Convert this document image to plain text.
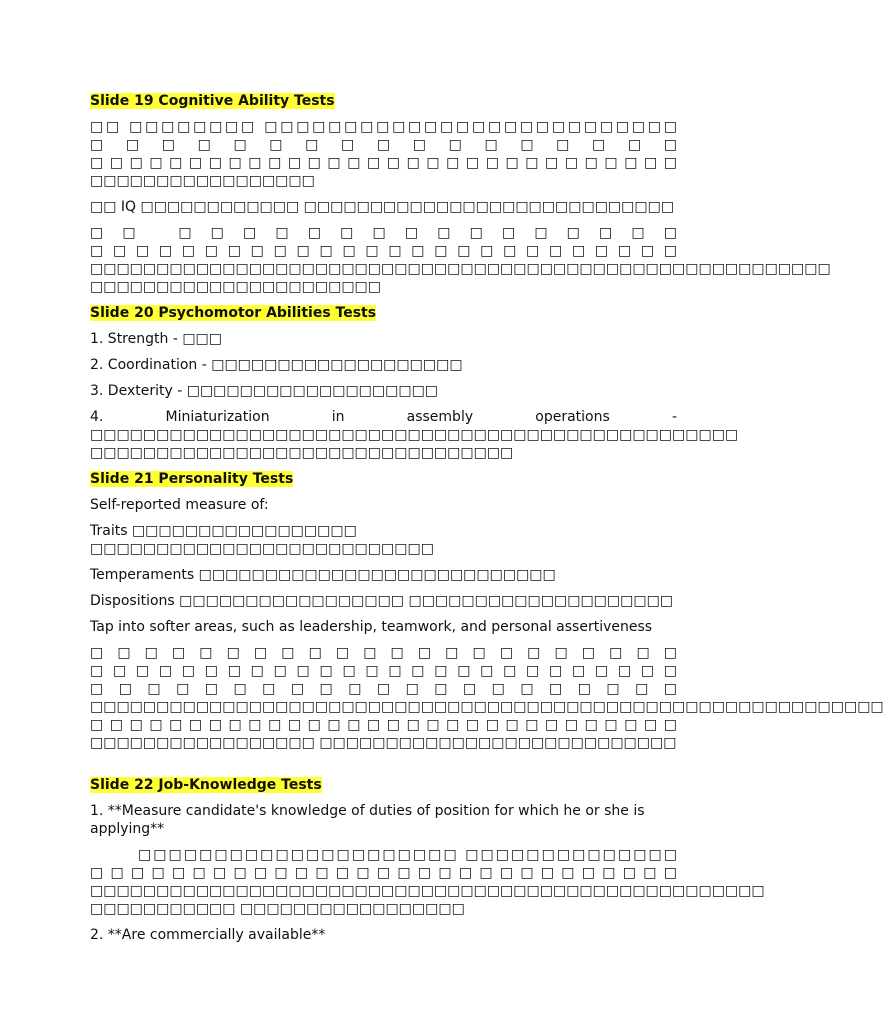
Slide 19 Cognitive Ability Tests

□□ □□□□□□□□ □□□□□□□□□□□□□□□□□□□□□□□□□□ □□□□□□□□□□□□□□□□□ □□□□□□□□□□□□□□□□□□□□□□□□□□□□□□ □□□□□□□□□□□□□□□□□

□□ IQ □□□□□□□□□□□□ □□□□□□□□□□□□□□□□□□□□□□□□□□□□

□□ □□□□□□□□□□□□□□□□ □□□□□□□□□□□□□□□□□□□□□□□□□□ □□□□□□□□□□□□□□□□□□□□□□□□□□□□□□□□□□□□□□□□□□□□□□□□□□□□□□□□ □□□□□□□□□□□□□□□□□□□□□□

Slide 20 Psychomotor Abilities Tests

1. Strength - □□□

2. Coordination - □□□□□□□□□□□□□□□□□□□

3. Dexterity - □□□□□□□□□□□□□□□□□□□

4. Miniaturization in assembly operations - □□□□□□□□□□□□□□□□□□□□□□□□□□□□□□□□□□□□□□□□□□□□□□□□□ □□□□□□□□□□□□□□□□□□□□□□□□□□□□□□□□

Slide 21 Personality Tests

Self-reported measure of:

Traits □□□□□□□□□□□□□□□□□ □□□□□□□□□□□□□□□□□□□□□□□□□□

Temperaments □□□□□□□□□□□□□□□□□□□□□□□□□□□

Dispositions □□□□□□□□□□□□□□□□□ □□□□□□□□□□□□□□□□□□□□

Tap into softer areas, such as leadership, teamwork, and personal assertiveness

□□□□□□□□□□□□□□□□□□□□□□ □□□□□□□□□□□□□□□□□□□□□□□□□□ □□□□□□□□□□□□□□□□□□□□□ □□□□□□□□□□□□□□□□□□□□□□□□□□□□□□□□□□□□□□□□□□□□□□□□□□□□□□□□□□□□ □□□□□□□□□□□□□□□□□□□□□□□□□□□□□□ □□□□□□□□□□□□□□□□□ □□□□□□□□□□□□□□□□□□□□□□□□□□□

Slide 22 Job-Knowledge Tests

1. **Measure candidate's knowledge of duties of position for which he or she is applying**

□□□□□□□□□□□□□□□□□□□□□ □□□□□□□□□□□□□□ □□□□□□□□□□□□□□□□□□□□□□□□□□□□□ □□□□□□□□□□□□□□□□□□□□□□□□□□□□□□□□□□□□□□□□□□□□□□□□□□□ □□□□□□□□□□□ □□□□□□□□□□□□□□□□□

2. **Are commercially available**
